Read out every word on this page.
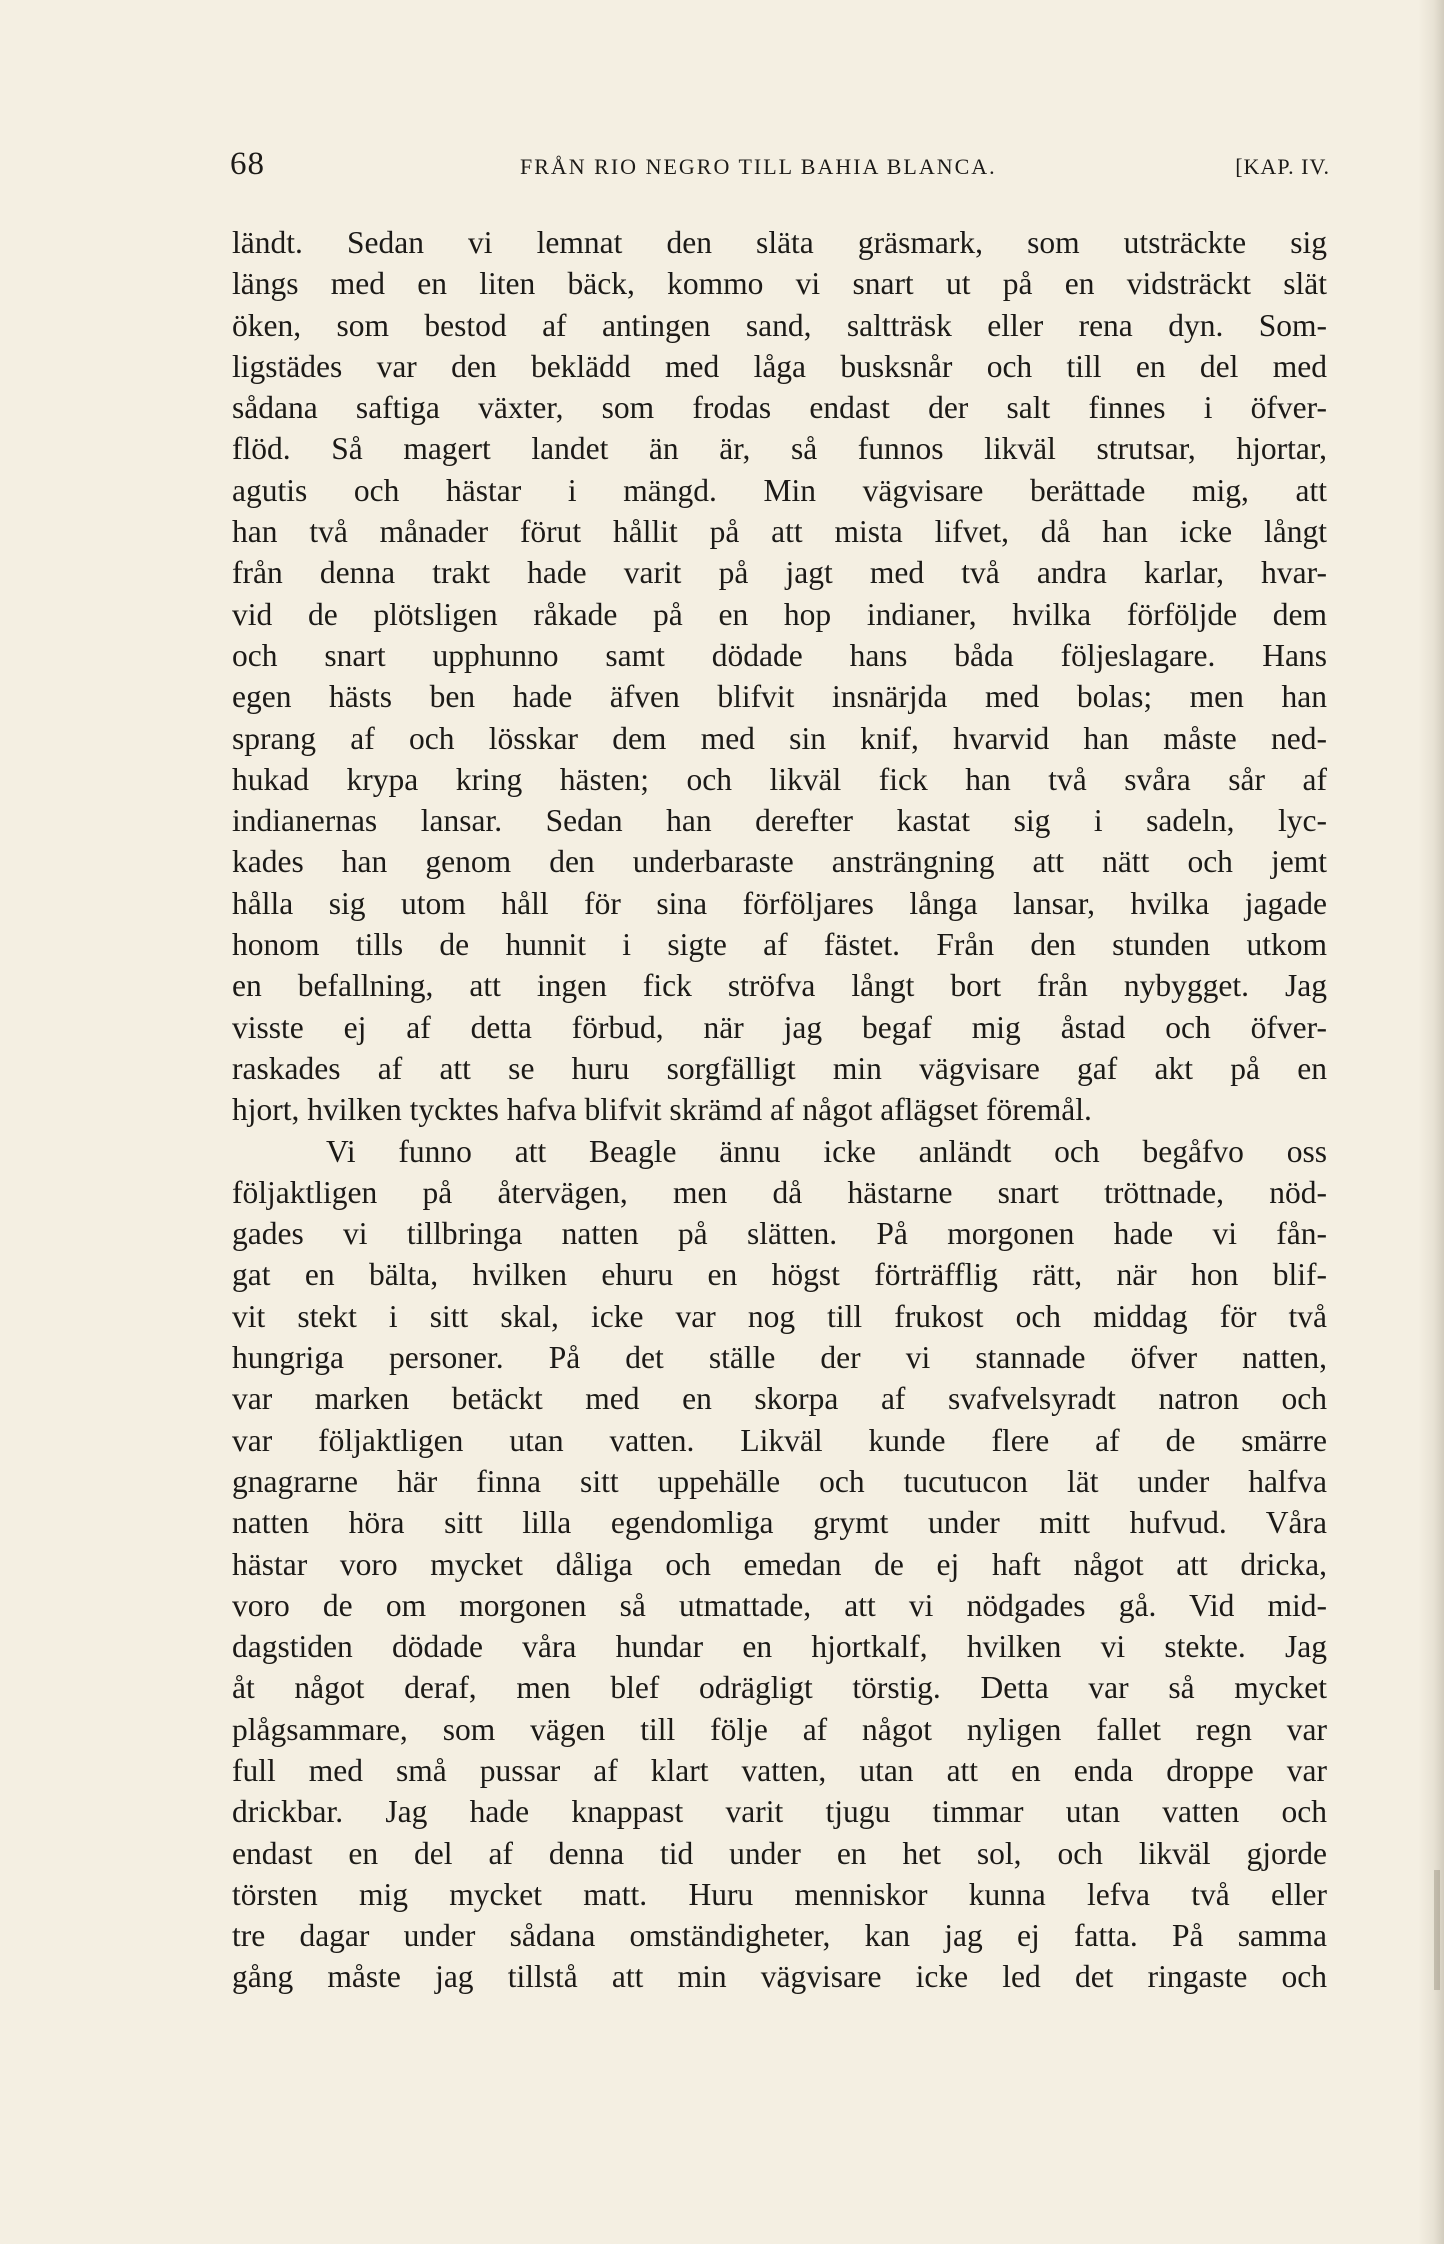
68	FRÅN RIO NEGRO TILL BAHIA BLANCA.	[KAP. IV.
ländt. Sedan vi lemnat den släta gräsmark, som utsträckte sig
längs med en liten bäck, kommo vi snart ut på en vidsträckt slät
öken, som bestod af antingen sand, saltträsk eller rena dyn. Som-
ligstädes var den beklädd med låga busksnår och till en del med
sådana saftiga växter, som frodas endast der salt finnes i öfver-
flöd. Så magert landet än är, så funnos likväl strutsar, hjortar,
agutis och hästar i mängd. Min vägvisare berättade mig, att
han två månader förut hållit på att mista lifvet, då han icke långt
från denna trakt hade varit på jagt med två andra karlar, hvar-
vid de plötsligen råkade på en hop indianer, hvilka förföljde dem
och snart upphunno samt dödade hans båda följeslagare. Hans
egen hästs ben hade äfven blifvit insnärjda med bolas; men han
sprang af och lösskar dem med sin knif, hvarvid han måste ned-
hukad krypa kring hästen; och likväl fick han två svåra sår af
indianernas lansar. Sedan han derefter kastat sig i sadeln, lyc-
kades han genom den underbaraste ansträngning att nätt och jemt
hålla sig utom håll för sina förföljares långa lansar, hvilka jagade
honom tills de hunnit i sigte af fästet. Från den stunden utkom
en befallning, att ingen fick ströfva långt bort från nybygget. Jag
visste ej af detta förbud, när jag begaf mig åstad och öfver-
raskades af att se huru sorgfälligt min vägvisare gaf akt på en
hjort, hvilken tycktes hafva blifvit skrämd af något aflägset föremål.
Vi funno att Beagle ännu icke anländt och begåfvo oss
följaktligen på återvägen, men då hästarne snart tröttnade, nöd-
gades vi tillbringa natten på slätten. På morgonen hade vi fån-
gat en bälta, hvilken ehuru en högst förträfflig rätt, när hon blif-
vit stekt i sitt skal, icke var nog till frukost och middag för två
hungriga personer. På det ställe der vi stannade öfver natten,
var marken betäckt med en skorpa af svafvelsyradt natron och
var följaktligen utan vatten. Likväl kunde flere af de smärre
gnagrarne här finna sitt uppehälle och tucutucon lät under halfva
natten höra sitt lilla egendomliga grymt under mitt hufvud. Våra
hästar voro mycket dåliga och emedan de ej haft något att dricka,
voro de om morgonen så utmattade, att vi nödgades gå. Vid mid-
dagstiden dödade våra hundar en hjortkalf, hvilken vi stekte. Jag
åt något deraf, men blef odrägligt törstig. Detta var så mycket
plågsammare, som vägen till följe af något nyligen fallet regn var
full med små pussar af klart vatten, utan att en enda droppe var
drickbar. Jag hade knappast varit tjugu timmar utan vatten och
endast en del af denna tid under en het sol, och likväl gjorde
törsten mig mycket matt. Huru menniskor kunna lefva två eller
tre dagar under sådana omständigheter, kan jag ej fatta. På samma
gång måste jag tillstå att min vägvisare icke led det ringaste och
